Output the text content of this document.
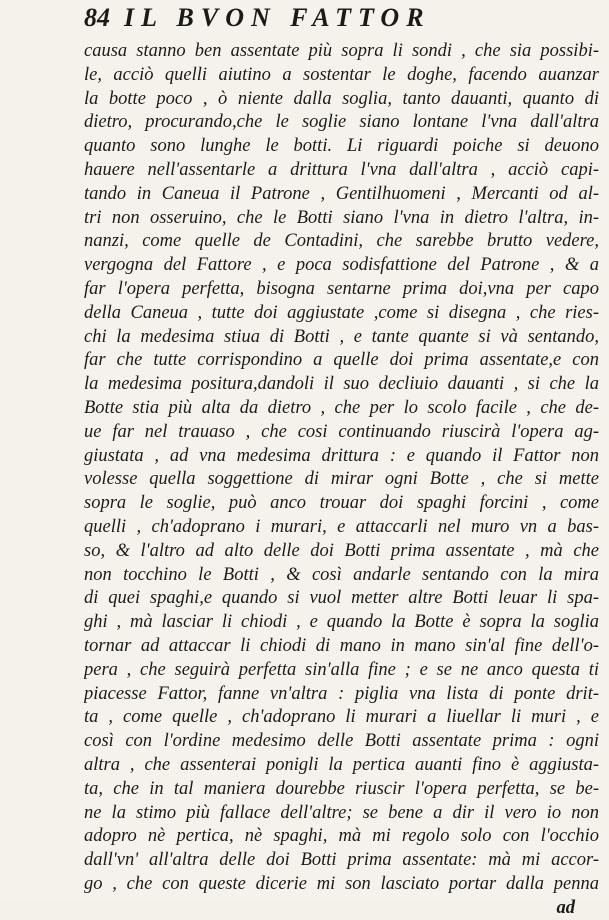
84 IL BVON FATTOR
causa stanno ben assentate più sopra li sondi , che sia possibi-
le, acciò quelli aiutino a sostentar le doghe, facendo auanzar
la botte poco , ò niente dalla soglia, tanto dauanti, quanto di
dietro, procurando,che le soglie siano lontane l'vna dall'altra
quanto sono lunghe le botti. Li riguardi poiche si deuono
hauere nell'assentarle a drittura l'vna dall'altra , acciò capi-
tando in Caneua il Patrone , Gentilhuomeni , Mercanti od al-
tri non osseruino, che le Botti siano l'vna in dietro l'altra, in-
nanzi, come quelle de Contadini, che sarebbe brutto vedere,
vergogna del Fattore , e poca sodisfattione del Patrone , & a
far l'opera perfetta, bisogna sentarne prima doi,vna per capo
della Caneua , tutte doi aggiustate ,come si disegna , che ries-
chi la medesima stiua di Botti , e tante quante si và sentando,
far che tutte corrispondino a quelle doi prima assentate,e con
la medesima positura,dandoli il suo decliuio dauanti , si che la
Botte stia più alta da dietro , che per lo scolo facile , che de-
ue far nel trauaso , che cosi continuando riuscirà l'opera ag-
giustata , ad vna medesima drittura : e quando il Fattor non
volesse quella soggettione di mirar ogni Botte , che si mette
sopra le soglie, può anco trouar doi spaghi forcini , come
quelli , ch'adoprano i murari, e attaccarli nel muro vn a bas-
so, & l'altro ad alto delle doi Botti prima assentate , mà che
non tocchino le Botti , & così andarle sentando con la mira
di quei spaghi,e quando si vuol metter altre Botti leuar li spa-
ghi , mà lasciar li chiodi , e quando la Botte è sopra la soglia
tornar ad attaccar li chiodi di mano in mano sin'al fine dell'o-
pera , che seguirà perfetta sin'alla fine ; e se ne anco questa ti
piacesse Fattor, fanne vn'altra : piglia vna lista di ponte drit-
ta , come quelle , ch'adoprano li murari a liuellar li muri , e
così con l'ordine medesimo delle Botti assentate prima : ogni
altra , che assenterai ponigli la pertica auanti fino è aggiusta-
ta, che in tal maniera dourebbe riuscir l'opera perfetta, se be-
ne la stimo più fallace dell'altre; se bene a dir il vero io non
adopro nè pertica, nè spaghi, mà mi regolo solo con l'occhio
dall'vn' all'altra delle doi Botti prima assentate: mà mi accor-
go , che con queste dicerie mi son lasciato portar dalla penna
ad
